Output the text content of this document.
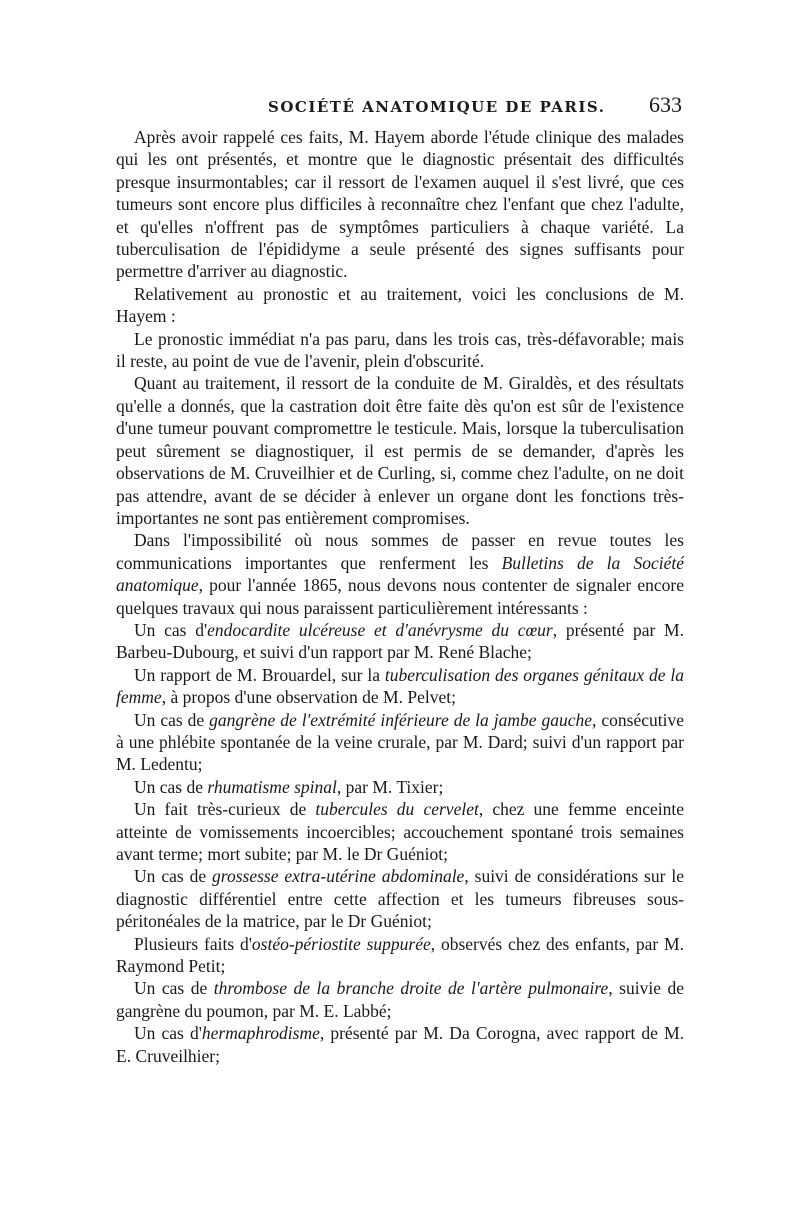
SOCIÉTÉ ANATOMIQUE DE PARIS. 633

Après avoir rappelé ces faits, M. Hayem aborde l'étude clinique des malades qui les ont présentés, et montre que le diagnostic présentait des difficultés presque insurmontables; car il ressort de l'examen auquel il s'est livré, que ces tumeurs sont encore plus difficiles à reconnaître chez l'enfant que chez l'adulte, et qu'elles n'offrent pas de symptômes particuliers à chaque variété. La tuberculisation de l'épididyme a seule présenté des signes suffisants pour permettre d'arriver au diagnostic.

Relativement au pronostic et au traitement, voici les conclusions de M. Hayem :

Le pronostic immédiat n'a pas paru, dans les trois cas, très-défavorable; mais il reste, au point de vue de l'avenir, plein d'obscurité.

Quant au traitement, il ressort de la conduite de M. Giraldès, et des résultats qu'elle a donnés, que la castration doit être faite dès qu'on est sûr de l'existence d'une tumeur pouvant compromettre le testicule. Mais, lorsque la tuberculisation peut sûrement se diagnostiquer, il est permis de se demander, d'après les observations de M. Cruveilhier et de Curling, si, comme chez l'adulte, on ne doit pas attendre, avant de se décider à enlever un organe dont les fonctions très-importantes ne sont pas entièrement compromises.

Dans l'impossibilité où nous sommes de passer en revue toutes les communications importantes que renferment les Bulletins de la Société anatomique, pour l'année 1865, nous devons nous contenter de signaler encore quelques travaux qui nous paraissent particulièrement intéressants :

Un cas d'endocardite ulcéreuse et d'anévrysme du cœur, présenté par M. Barbeu-Dubourg, et suivi d'un rapport par M. René Blache;

Un rapport de M. Brouardel, sur la tuberculisation des organes génitaux de la femme, à propos d'une observation de M. Pelvet;

Un cas de gangrène de l'extrémité inférieure de la jambe gauche, consécutive à une phlébite spontanée de la veine crurale, par M. Dard; suivi d'un rapport par M. Ledentu;

Un cas de rhumatisme spinal, par M. Tixier;

Un fait très-curieux de tubercules du cervelet, chez une femme enceinte atteinte de vomissements incoercibles; accouchement spontané trois semaines avant terme; mort subite; par M. le Dr Guéniot;

Un cas de grossesse extra-utérine abdominale, suivi de considérations sur le diagnostic différentiel entre cette affection et les tumeurs fibreuses sous-péritonéales de la matrice, par le Dr Guéniot;

Plusieurs faits d'ostéo-périostite suppurée, observés chez des enfants, par M. Raymond Petit;

Un cas de thrombose de la branche droite de l'artère pulmonaire, suivie de gangrène du poumon, par M. E. Labbé;

Un cas d'hermaphrodisme, présenté par M. Da Corogna, avec rapport de M. E. Cruveilhier;
